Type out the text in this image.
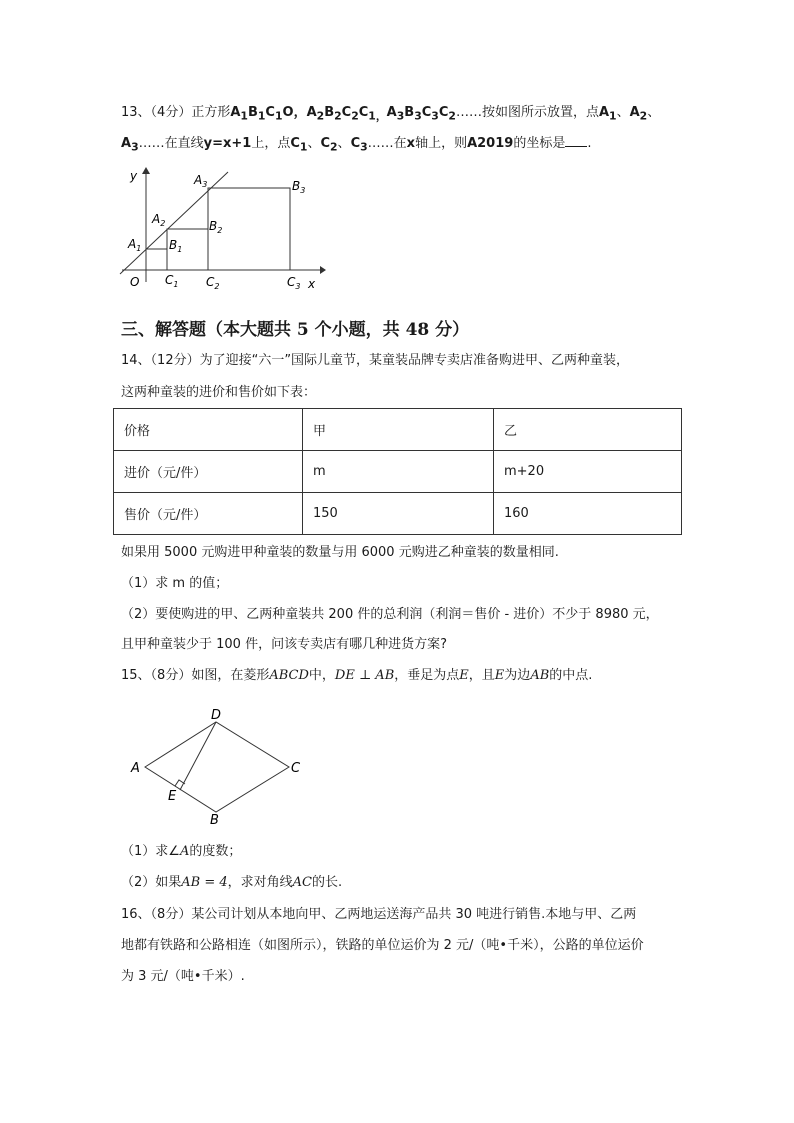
13、（4分）正方形$A_1B_1C_1O$，$A_2B_2C_2C_{1,}A_3B_3C_3C_2\dots\dots$按如图所示放置，点$A_1$、$A_2$、
$A_3\dots\dots$在直线y=x+1上，点$C_1$、$C_2$、$C_3\dots\dots$在x轴上，则A2019的坐标是 .
y
x
O
$A_1$
$A_2$
$A_3$
$B_1$
$B_2$
$B_3$
$C_1$ $C_2$	$C_3$
三、解答题（本大题共 5 个小题，共 48 分）
14、（12分）为了迎接“六一”国际儿童节，某童装品牌专卖店准备购进甲、乙两种童装，
这两种童装的进价和售价如下表：
价格	甲	乙
进价（元/件）	m	m+20
售价（元/件）	150	160
如果用 5000 元购进甲种童装的数量与用 6000 元购进乙种童装的数量相同.
（1）求 m 的值；
（2）要使购进的甲、乙两种童装共 200 件的总利润（利润＝售价 - 进价）不少于 8980 元，
且甲种童装少于 100 件，问该专卖店有哪几种进货方案?
15、（8分）如图，在菱形ABCD中，DE ⊥ AB，垂足为点E，且E为边AB的中点.
A
D
C
B
E
（1）求∠A的度数；
（2）如果AB = 4，求对角线AC的长.
16、（8分）某公司计划从本地向甲、乙两地运送海产品共 30 吨进行销售.本地与甲、乙两
地都有铁路和公路相连（如图所示），铁路的单位运价为 2 元/（吨•千米），公路的单位运价
为 3 元/（吨•千米）.
